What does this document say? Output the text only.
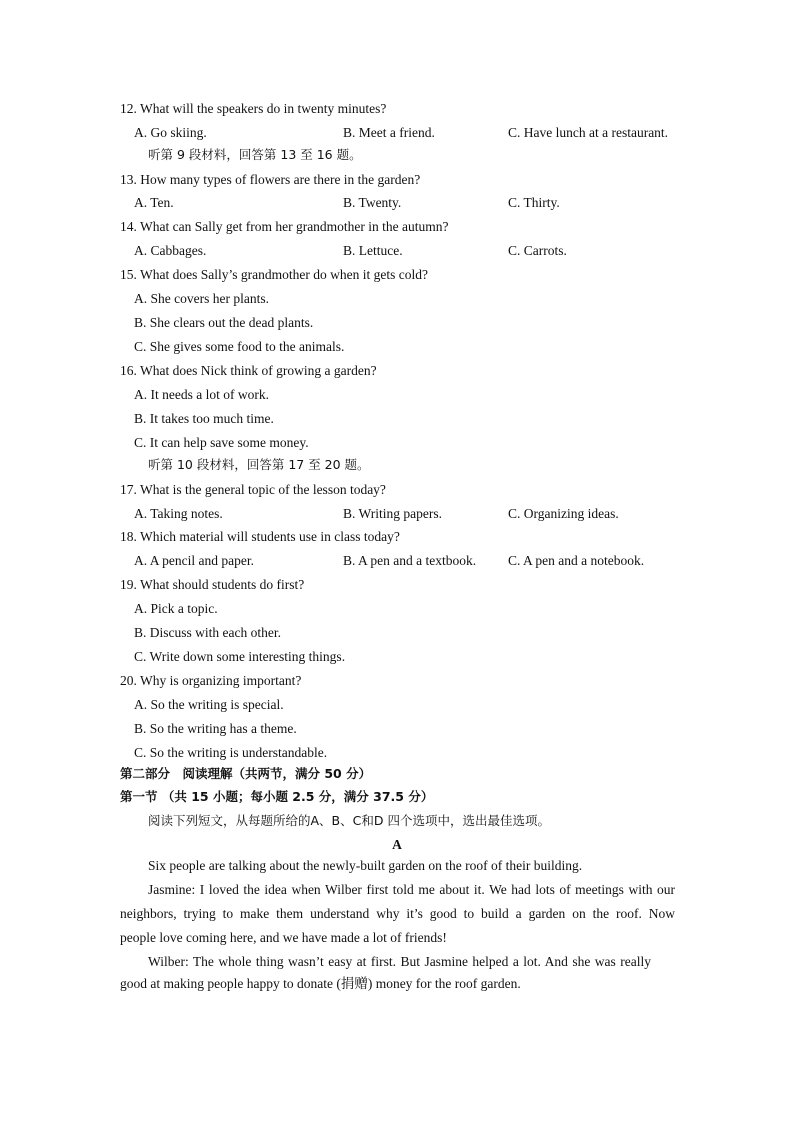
12. What will the speakers do in twenty minutes?
A. Go skiing.	B. Meet a friend.	C. Have lunch at a restaurant.
听第 9 段材料，回答第 13 至 16 题。
13. How many types of flowers are there in the garden?
A. Ten.	B. Twenty.	C. Thirty.
14. What can Sally get from her grandmother in the autumn?
A. Cabbages.	B. Lettuce.	C. Carrots.
15. What does Sally’s grandmother do when it gets cold?
A. She covers her plants.
B. She clears out the dead plants.
C. She gives some food to the animals.
16. What does Nick think of growing a garden?
A. It needs a lot of work.
B. It takes too much time.
C. It can help save some money.
听第 10 段材料，回答第 17 至 20 题。
17. What is the general topic of the lesson today?
A. Taking notes.	B. Writing papers.	C. Organizing ideas.
18. Which material will students use in class today?
A. A pencil and paper.	B. A pen and a textbook. C. A pen and a notebook.
19. What should students do first?
A. Pick a topic.
B. Discuss with each other.
C. Write down some interesting things.
20. Why is organizing important?
A. So the writing is special.
B. So the writing has a theme.
C. So the writing is understandable.
第二部分　阅读理解（共两节，满分 50 分）
第一节 （共 15 小题；每小题 2.5 分，满分 37.5 分）
阅读下列短文，从每题所给的A、B、C和D 四个选项中，选出最佳选项。
A
Six people are talking about the newly-built garden on the roof of their building.
Jasmine: I loved the idea when Wilber first told me about it. We had lots of meetings with our
neighbors, trying to make them understand why it’s good to build a garden on the roof. Now
people love coming here, and we have made a lot of friends!
Wilber: The whole thing wasn’t easy at first. But Jasmine helped a lot. And she was really
good at making people happy to donate (捐赠) money for the roof garden.
